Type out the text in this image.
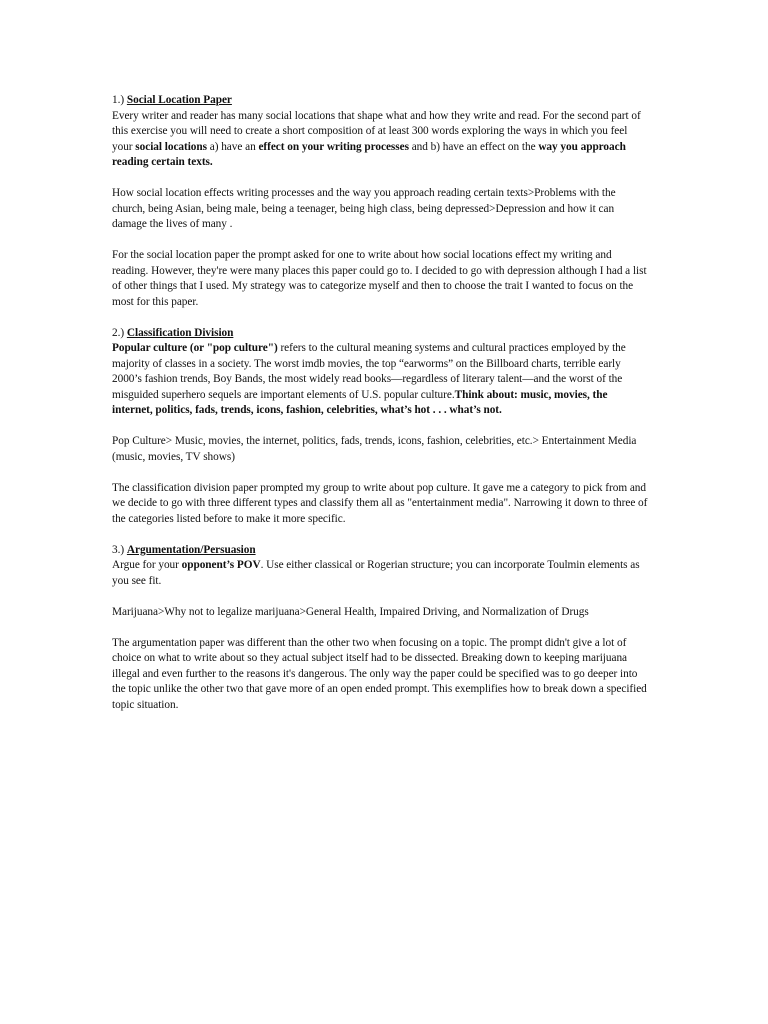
1.) Social Location Paper

Every writer and reader has many social locations that shape what and how they write and read. For the second part of this exercise you will need to create a short composition of at least 300 words exploring the ways in which you feel your social locations a) have an effect on your writing processes and b) have an effect on the way you approach reading certain texts.

How social location effects writing processes and the way you approach reading certain texts>Problems with the church, being Asian, being male, being a teenager, being high class, being depressed>Depression and how it can damage the lives of many .

For the social location paper the prompt asked for one to write about how social locations effect my writing and reading. However, they're were many places this paper could go to. I decided to go with depression although I had a list of other things that I used. My strategy was to categorize myself and then to choose the trait I wanted to focus on the most for this paper.

2.) Classification Division

Popular culture (or "pop culture") refers to the cultural meaning systems and cultural practices employed by the majority of classes in a society. The worst imdb movies, the top “earworms” on the Billboard charts, terrible early 2000’s fashion trends, Boy Bands, the most widely read books—regardless of literary talent—and the worst of the misguided superhero sequels are important elements of U.S. popular culture.Think about: music, movies, the internet, politics, fads, trends, icons, fashion, celebrities, what’s hot . . . what’s not.

Pop Culture> Music, movies, the internet, politics, fads, trends, icons, fashion, celebrities, etc.> Entertainment Media (music, movies, TV shows)

The classification division paper prompted my group to write about pop culture. It gave me a category to pick from and we decide to go with three different types and classify them all as "entertainment media". Narrowing it down to three of the categories listed before to make it more specific.

3.) Argumentation/Persuasion

Argue for your opponent’s POV. Use either classical or Rogerian structure; you can incorporate Toulmin elements as you see fit.

Marijuana>Why not to legalize marijuana>General Health, Impaired Driving, and Normalization of Drugs

The argumentation paper was different than the other two when focusing on a topic. The prompt didn't give a lot of choice on what to write about so they actual subject itself had to be dissected. Breaking down to keeping marijuana illegal and even further to the reasons it's dangerous. The only way the paper could be specified was to go deeper into the topic unlike the other two that gave more of an open ended prompt. This exemplifies how to break down a specified topic situation.
